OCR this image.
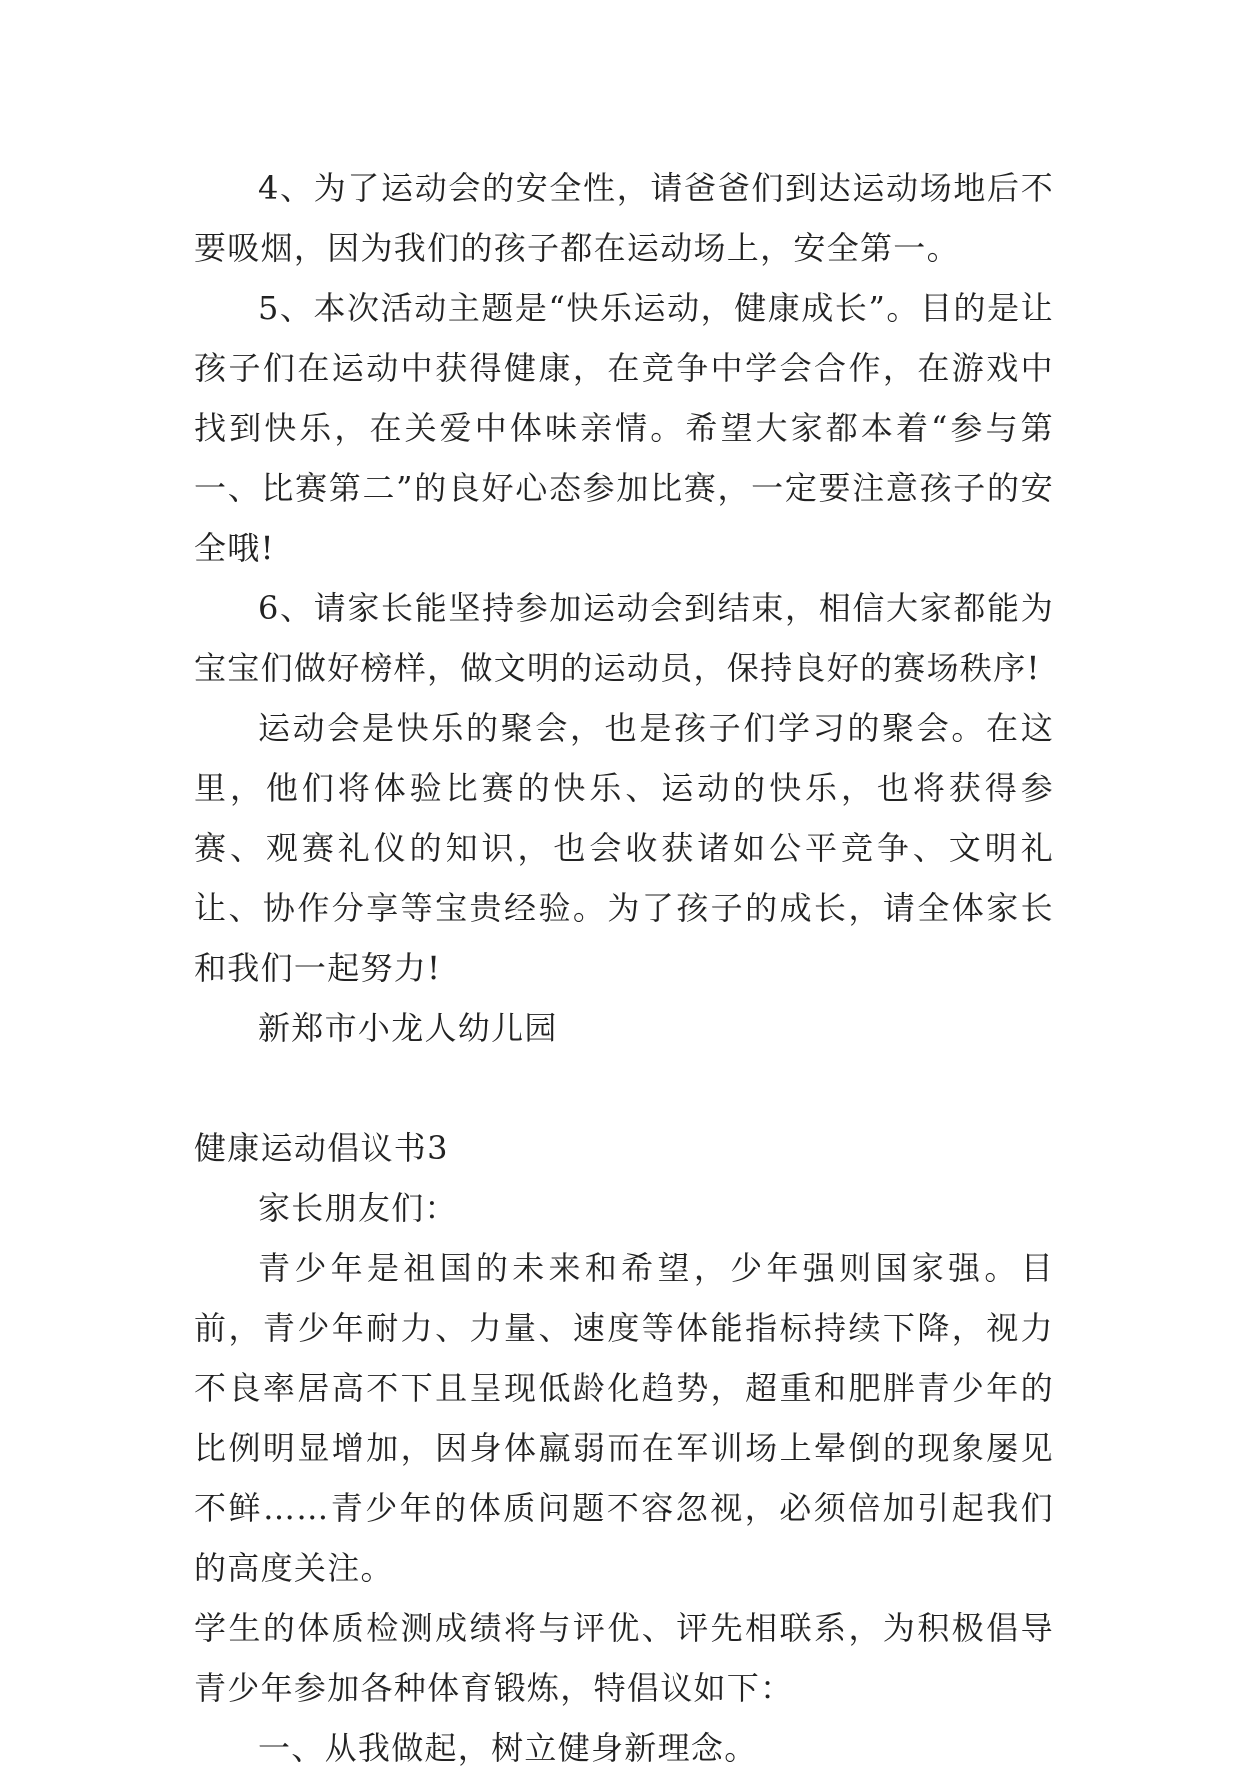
4、为了运动会的安全性，请爸爸们到达运动场地后不要吸烟，因为我们的孩子都在运动场上，安全第一。

5、本次活动主题是“快乐运动，健康成长”。目的是让孩子们在运动中获得健康，在竞争中学会合作，在游戏中找到快乐，在关爱中体味亲情。希望大家都本着“参与第一、比赛第二”的良好心态参加比赛，一定要注意孩子的安全哦!

6、请家长能坚持参加运动会到结束，相信大家都能为宝宝们做好榜样，做文明的运动员，保持良好的赛场秩序!

运动会是快乐的聚会，也是孩子们学习的聚会。在这里，他们将体验比赛的快乐、运动的快乐，也将获得参赛、观赛礼仪的知识，也会收获诸如公平竞争、文明礼让、协作分享等宝贵经验。为了孩子的成长，请全体家长和我们一起努力!

新郑市小龙人幼儿园

健康运动倡议书3

家长朋友们：

青少年是祖国的未来和希望，少年强则国家强。目前，青少年耐力、力量、速度等体能指标持续下降，视力不良率居高不下且呈现低龄化趋势，超重和肥胖青少年的比例明显增加，因身体羸弱而在军训场上晕倒的现象屡见不鲜……青少年的体质问题不容忽视，必须倍加引起我们的高度关注。

学生的体质检测成绩将与评优、评先相联系，为积极倡导青少年参加各种体育锻炼，特倡议如下：

一、从我做起，树立健身新理念。
